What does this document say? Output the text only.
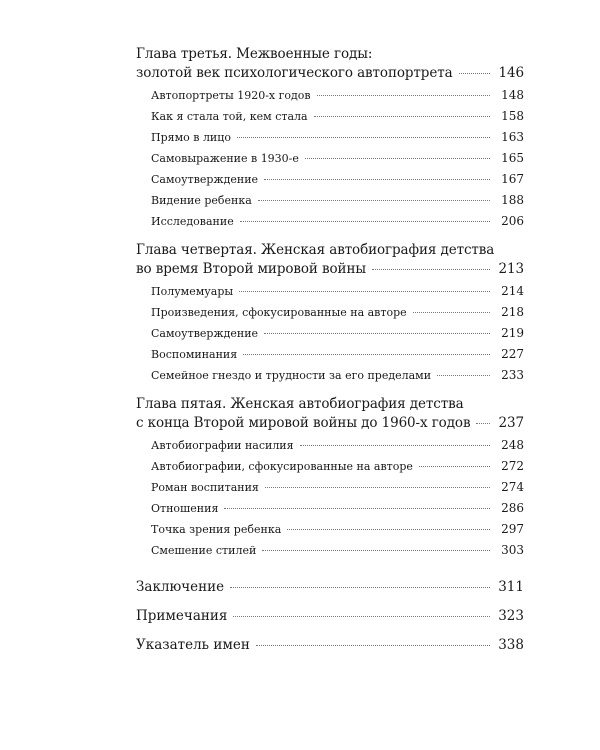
Глава третья. Межвоенные годы:
золотой век психологического автопортрета	146
Автопортреты 1920-х годов	148
Как я стала той, кем стала	158
Прямо в лицо	163
Самовыражение в 1930-е	165
Самоутверждение	167
Видение ребенка	188
Исследование	206
Глава четвертая. Женская автобиография детства
во время Второй мировой войны	213
Полумемуары	214
Произведения, сфокусированные на авторе	218
Самоутверждение	219
Воспоминания	227
Семейное гнездо и трудности за его пределами	233
Глава пятая. Женская автобиография детства
с конца Второй мировой войны до 1960-х годов 237
Автобиографии насилия	248
Автобиографии, сфокусированные на авторе	272
Роман воспитания	274
Отношения	286
Точка зрения ребенка	297
Смешение стилей	303
Заключение	311
Примечания	323
Указатель имен	338
